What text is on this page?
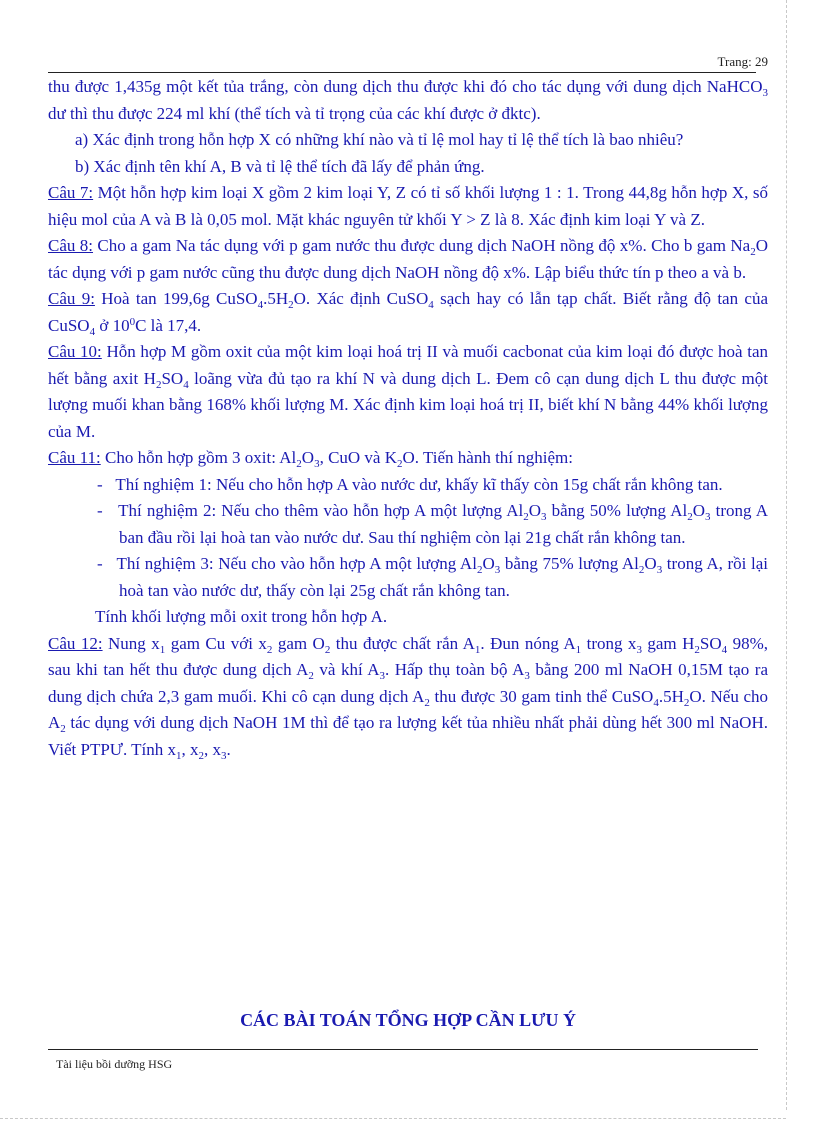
Trang: 29

thu được 1,435g một kết tủa trắng, còn dung dịch thu được khi đó cho tác dụng với dung dịch NaHCO$_3$ dư thì thu được 224 ml khí (thể tích và tỉ trọng của các khí được ở đktc).

a) Xác định trong hỗn hợp X có những khí nào và tỉ lệ mol hay tỉ lệ thể tích là bao nhiêu?

b) Xác định tên khí A, B và tỉ lệ thể tích đã lấy để phản ứng.

Câu 7: Một hỗn hợp kim loại X gồm 2 kim loại Y, Z có tỉ số khối lượng 1 : 1. Trong 44,8g hỗn hợp X, số hiệu mol của A và B là 0,05 mol. Mặt khác nguyên tử khối Y > Z là 8. Xác định kim loại Y và Z.

Câu 8: Cho a gam Na tác dụng với p gam nước thu được dung dịch NaOH nồng độ x%. Cho b gam $Na_2O$ tác dụng với p gam nước cũng thu được dung dịch NaOH nồng độ x%. Lập biểu thức tín p theo a và b.

Câu 9: Hoà tan 199,6g $CuSO_4.5H_2O$. Xác định CuSO$_4$ sạch hay có lẫn tạp chất. Biết rằng độ tan của CuSO$_4$ ở $10^0C$ là 17,4.

Câu 10: Hỗn hợp M gồm oxit của một kim loại hoá trị II và muối cacbonat của kim loại đó được hoà tan hết bằng axit $H_2SO_4$ loãng vừa đủ tạo ra khí N và dung dịch L. Đem cô cạn dung dịch L thu được một lượng muối khan bằng 168% khối lượng M. Xác định kim loại hoá trị II, biết khí N bằng 44% khối lượng của M.

Câu 11: Cho hỗn hợp gồm 3 oxit: $Al_2O_3$, CuO và $K_2O$. Tiến hành thí nghiệm:

- Thí nghiệm 1: Nếu cho hỗn hợp A vào nước dư, khấy kĩ thấy còn 15g chất rắn không tan.

- Thí nghiệm 2: Nếu cho thêm vào hỗn hợp A một lượng $Al_2O_3$ bằng 50% lượng $Al_2O_3$ trong A ban đầu rồi lại hoà tan vào nước dư. Sau thí nghiệm còn lại 21g chất rắn không tan.

- Thí nghiệm 3: Nếu cho vào hỗn hợp A một lượng $Al_2O_3$ bằng 75% lượng $Al_2O_3$ trong A, rồi lại hoà tan vào nước dư, thấy còn lại 25g chất rắn không tan.

Tính khối lượng mỗi oxit trong hỗn hợp A.

Câu 12: Nung $x_1$ gam Cu với $x_2$ gam $O_2$ thu được chất rắn $A_1$. Đun nóng $A_1$ trong $x_3$ gam $H_2SO_4$ 98%, sau khi tan hết thu được dung dịch $A_2$ và khí $A_3$. Hấp thụ toàn bộ $A_3$ bằng 200 ml NaOH 0,15M tạo ra dung dịch chứa 2,3 gam muối. Khi cô cạn dung dịch $A_2$ thu được 30 gam tinh thể $CuSO_4.5H_2O$. Nếu cho $A_2$ tác dụng với dung dịch NaOH 1M thì để tạo ra lượng kết tủa nhiều nhất phải dùng hết 300 ml NaOH. Viết PTPƯ. Tính $x_1$, $x_2$, $x_3$.

CÁC BÀI TOÁN TỔNG HỢP CẦN LƯU Ý
Tài liệu bồi dưỡng HSG
